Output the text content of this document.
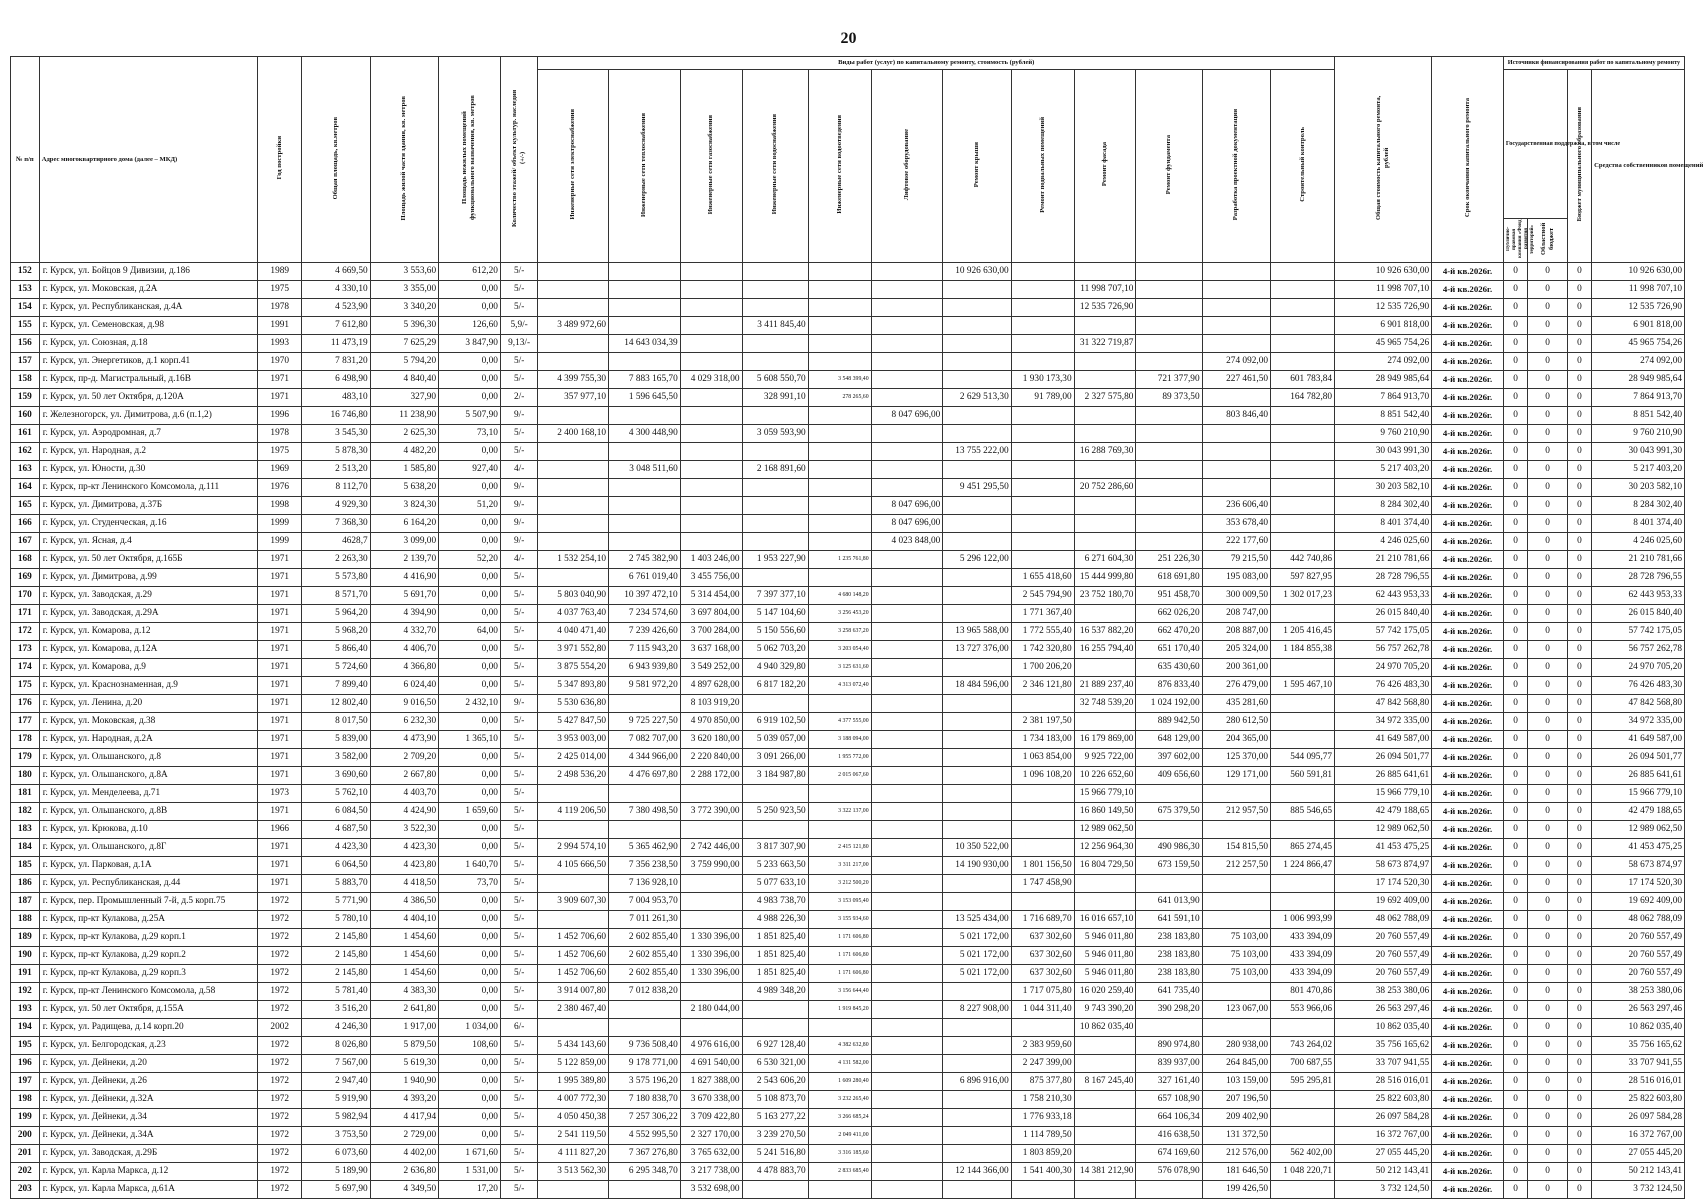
20
№ п/п	Адрес многоквартирного дома (далее – МКД)	Год постройки	Общая площадь, кв.метров	Площадь жилой части здания, кв. метров	Площадь нежилых помещений функционального назначения, кв. метров	Количество этажей/ объект культур. наследия (+/-)	Виды работ (услуг) по капитальному ремонту, стоимость (рублей)												Общая стоимость капитального ремонта, рублей	Срок окончания капитального ремонта	Источники финансирования работ по капитальному ремонту			
							Инженерные сети электроснабжения	Инженерные сети теплоснабжения	Инженерные сети газоснабжения	Инженерные сети водоснабжения	Инженерные сети водоотведения	Лифтовое оборудование	Ремонт крыши	Ремонт подвальных помещений	Ремонт фасада	Ремонт фундамента	Разработка проектной документации	Строительный контроль			Государственная поддержка, в том числе		Бюджет муниципального образования	Средства собственников помещений
																					Публично-правовая компания «Фонд развития территорий»	Областной бюджет		
152	г. Курск, ул. Бойцов 9 Дивизии, д.186	1989	4 669,50	3 553,60	612,20	5/-							10 926 630,00						10 926 630,00	4-й кв.2026г.	0	0	0	10 926 630,00
153	г. Курск, ул. Моковская, д.2А	1975	4 330,10	3 355,00	0,00	5/-									11 998 707,10				11 998 707,10	4-й кв.2026г.	0	0	0	11 998 707,10
154	г. Курск, ул. Республиканская, д.4А	1978	4 523,90	3 340,20	0,00	5/-									12 535 726,90				12 535 726,90	4-й кв.2026г.	0	0	0	12 535 726,90
155	г. Курск, ул. Семеновская, д.98	1991	7 612,80	5 396,30	126,60	5,9/-	3 489 972,60			3 411 845,40									6 901 818,00	4-й кв.2026г.	0	0	0	6 901 818,00
156	г. Курск, ул. Союзная, д.18	1993	11 473,19	7 625,29	3 847,90	9,13/-		14 643 034,39							31 322 719,87				45 965 754,26	4-й кв.2026г.	0	0	0	45 965 754,26
157	г. Курск, ул. Энергетиков, д.1 корп.41	1970	7 831,20	5 794,20	0,00	5/-											274 092,00		274 092,00	4-й кв.2026г.	0	0	0	274 092,00
158	г. Курск, пр-д. Магистральный, д.16В	1971	6 498,90	4 840,40	0,00	5/-	4 399 755,30	7 883 165,70	4 029 318,00	5 608 550,70	3 548 399,40			1 930 173,30		721 377,90	227 461,50	601 783,84	28 949 985,64	4-й кв.2026г.	0	0	0	28 949 985,64
159	г. Курск, ул. 50 лет Октября, д.120А	1971	483,10	327,90	0,00	2/-	357 977,10	1 596 645,50		328 991,10	278 265,60		2 629 513,30	91 789,00	2 327 575,80	89 373,50		164 782,80	7 864 913,70	4-й кв.2026г.	0	0	0	7 864 913,70
160	г. Железногорск, ул. Димитрова, д.6 (п.1,2)	1996	16 746,80	11 238,90	5 507,90	9/-						8 047 696,00					803 846,40		8 851 542,40	4-й кв.2026г.	0	0	0	8 851 542,40
161	г. Курск, ул. Аэродромная, д.7	1978	3 545,30	2 625,30	73,10	5/-	2 400 168,10	4 300 448,90		3 059 593,90									9 760 210,90	4-й кв.2026г.	0	0	0	9 760 210,90
162	г. Курск, ул. Народная, д.2	1975	5 878,30	4 482,20	0,00	5/-							13 755 222,00		16 288 769,30				30 043 991,30	4-й кв.2026г.	0	0	0	30 043 991,30
163	г. Курск, ул. Юности, д.30	1969	2 513,20	1 585,80	927,40	4/-		3 048 511,60		2 168 891,60									5 217 403,20	4-й кв.2026г.	0	0	0	5 217 403,20
164	г. Курск, пр-кт Ленинского Комсомола, д.111	1976	8 112,70	5 638,20	0,00	9/-							9 451 295,50		20 752 286,60				30 203 582,10	4-й кв.2026г.	0	0	0	30 203 582,10
165	г. Курск, ул. Димитрова, д.37Б	1998	4 929,30	3 824,30	51,20	9/-						8 047 696,00					236 606,40		8 284 302,40	4-й кв.2026г.	0	0	0	8 284 302,40
166	г. Курск, ул. Студенческая, д.16	1999	7 368,30	6 164,20	0,00	9/-						8 047 696,00					353 678,40		8 401 374,40	4-й кв.2026г.	0	0	0	8 401 374,40
167	г. Курск, ул. Ясная, д.4	1999	4628,7	3 099,00	0,00	9/-						4 023 848,00					222 177,60		4 246 025,60	4-й кв.2026г.	0	0	0	4 246 025,60
168	г. Курск, ул. 50 лет Октября, д.165Б	1971	2 263,30	2 139,70	52,20	4/-	1 532 254,10	2 745 382,90	1 403 246,00	1 953 227,90	1 235 761,80		5 296 122,00		6 271 604,30	251 226,30	79 215,50	442 740,86	21 210 781,66	4-й кв.2026г.	0	0	0	21 210 781,66
169	г. Курск, ул. Димитрова, д.99	1971	5 573,80	4 416,90	0,00	5/-		6 761 019,40	3 455 756,00					1 655 418,60	15 444 999,80	618 691,80	195 083,00	597 827,95	28 728 796,55	4-й кв.2026г.	0	0	0	28 728 796,55
170	г. Курск, ул. Заводская, д.29	1971	8 571,70	5 691,70	0,00	5/-	5 803 040,90	10 397 472,10	5 314 454,00	7 397 377,10	4 680 148,20			2 545 794,90	23 752 180,70	951 458,70	300 009,50	1 302 017,23	62 443 953,33	4-й кв.2026г.	0	0	0	62 443 953,33
171	г. Курск, ул. Заводская, д.29А	1971	5 964,20	4 394,90	0,00	5/-	4 037 763,40	7 234 574,60	3 697 804,00	5 147 104,60	3 256 453,20			1 771 367,40		662 026,20	208 747,00		26 015 840,40	4-й кв.2026г.	0	0	0	26 015 840,40
172	г. Курск, ул. Комарова, д.12	1971	5 968,20	4 332,70	64,00	5/-	4 040 471,40	7 239 426,60	3 700 284,00	5 150 556,60	3 258 637,20		13 965 588,00	1 772 555,40	16 537 882,20	662 470,20	208 887,00	1 205 416,45	57 742 175,05	4-й кв.2026г.	0	0	0	57 742 175,05
173	г. Курск, ул. Комарова, д.12А	1971	5 866,40	4 406,70	0,00	5/-	3 971 552,80	7 115 943,20	3 637 168,00	5 062 703,20	3 203 054,40		13 727 376,00	1 742 320,80	16 255 794,40	651 170,40	205 324,00	1 184 855,38	56 757 262,78	4-й кв.2026г.	0	0	0	56 757 262,78
174	г. Курск, ул. Комарова, д.9	1971	5 724,60	4 366,80	0,00	5/-	3 875 554,20	6 943 939,80	3 549 252,00	4 940 329,80	3 125 631,60			1 700 206,20		635 430,60	200 361,00		24 970 705,20	4-й кв.2026г.	0	0	0	24 970 705,20
175	г. Курск, ул. Краснознаменная, д.9	1971	7 899,40	6 024,40	0,00	5/-	5 347 893,80	9 581 972,20	4 897 628,00	6 817 182,20	4 313 072,40		18 484 596,00	2 346 121,80	21 889 237,40	876 833,40	276 479,00	1 595 467,10	76 426 483,30	4-й кв.2026г.	0	0	0	76 426 483,30
176	г. Курск, ул. Ленина, д.20	1971	12 802,40	9 016,50	2 432,10	9/-	5 530 636,80		8 103 919,20						32 748 539,20	1 024 192,00	435 281,60		47 842 568,80	4-й кв.2026г.	0	0	0	47 842 568,80
177	г. Курск, ул. Моковская, д.38	1971	8 017,50	6 232,30	0,00	5/-	5 427 847,50	9 725 227,50	4 970 850,00	6 919 102,50	4 377 555,00			2 381 197,50		889 942,50	280 612,50		34 972 335,00	4-й кв.2026г.	0	0	0	34 972 335,00
178	г. Курск, ул. Народная, д.2А	1971	5 839,00	4 473,90	1 365,10	5/-	3 953 003,00	7 082 707,00	3 620 180,00	5 039 057,00	3 188 094,00			1 734 183,00	16 179 869,00	648 129,00	204 365,00		41 649 587,00	4-й кв.2026г.	0	0	0	41 649 587,00
179	г. Курск, ул. Ольшанского, д.8	1971	3 582,00	2 709,20	0,00	5/-	2 425 014,00	4 344 966,00	2 220 840,00	3 091 266,00	1 955 772,00			1 063 854,00	9 925 722,00	397 602,00	125 370,00	544 095,77	26 094 501,77	4-й кв.2026г.	0	0	0	26 094 501,77
180	г. Курск, ул. Ольшанского, д.8А	1971	3 690,60	2 667,80	0,00	5/-	2 498 536,20	4 476 697,80	2 288 172,00	3 184 987,80	2 015 067,60			1 096 108,20	10 226 652,60	409 656,60	129 171,00	560 591,81	26 885 641,61	4-й кв.2026г.	0	0	0	26 885 641,61
181	г. Курск, ул. Менделеева, д.71	1973	5 762,10	4 403,70	0,00	5/-									15 966 779,10				15 966 779,10	4-й кв.2026г.	0	0	0	15 966 779,10
182	г. Курск, ул. Ольшанского, д.8В	1971	6 084,50	4 424,90	1 659,60	5/-	4 119 206,50	7 380 498,50	3 772 390,00	5 250 923,50	3 322 137,00				16 860 149,50	675 379,50	212 957,50	885 546,65	42 479 188,65	4-й кв.2026г.	0	0	0	42 479 188,65
183	г. Курск, ул. Крюкова, д.10	1966	4 687,50	3 522,30	0,00	5/-									12 989 062,50				12 989 062,50	4-й кв.2026г.	0	0	0	12 989 062,50
184	г. Курск, ул. Ольшанского, д.8Г	1971	4 423,30	4 423,30	0,00	5/-	2 994 574,10	5 365 462,90	2 742 446,00	3 817 307,90	2 415 121,80		10 350 522,00		12 256 964,30	490 986,30	154 815,50	865 274,45	41 453 475,25	4-й кв.2026г.	0	0	0	41 453 475,25
185	г. Курск, ул. Парковая, д.1А	1971	6 064,50	4 423,80	1 640,70	5/-	4 105 666,50	7 356 238,50	3 759 990,00	5 233 663,50	3 311 217,00		14 190 930,00	1 801 156,50	16 804 729,50	673 159,50	212 257,50	1 224 866,47	58 673 874,97	4-й кв.2026г.	0	0	0	58 673 874,97
186	г. Курск, ул. Республиканская, д.44	1971	5 883,70	4 418,50	73,70	5/-		7 136 928,10		5 077 633,10	3 212 500,20			1 747 458,90					17 174 520,30	4-й кв.2026г.	0	0	0	17 174 520,30
187	г. Курск, пер. Промышленный 7-й, д.5 корп.75	1972	5 771,90	4 386,50	0,00	5/-	3 909 607,30	7 004 953,70		4 983 738,70	3 153 095,40					641 013,90			19 692 409,00	4-й кв.2026г.	0	0	0	19 692 409,00
188	г. Курск, пр-кт Кулакова, д.25А	1972	5 780,10	4 404,10	0,00	5/-		7 011 261,30		4 988 226,30	3 155 934,60		13 525 434,00	1 716 689,70	16 016 657,10	641 591,10		1 006 993,99	48 062 788,09	4-й кв.2026г.	0	0	0	48 062 788,09
189	г. Курск, пр-кт Кулакова, д.29 корп.1	1972	2 145,80	1 454,60	0,00	5/-	1 452 706,60	2 602 855,40	1 330 396,00	1 851 825,40	1 171 606,80		5 021 172,00	637 302,60	5 946 011,80	238 183,80	75 103,00	433 394,09	20 760 557,49	4-й кв.2026г.	0	0	0	20 760 557,49
190	г. Курск, пр-кт Кулакова, д.29 корп.2	1972	2 145,80	1 454,60	0,00	5/-	1 452 706,60	2 602 855,40	1 330 396,00	1 851 825,40	1 171 606,80		5 021 172,00	637 302,60	5 946 011,80	238 183,80	75 103,00	433 394,09	20 760 557,49	4-й кв.2026г.	0	0	0	20 760 557,49
191	г. Курск, пр-кт Кулакова, д.29 корп.3	1972	2 145,80	1 454,60	0,00	5/-	1 452 706,60	2 602 855,40	1 330 396,00	1 851 825,40	1 171 606,80		5 021 172,00	637 302,60	5 946 011,80	238 183,80	75 103,00	433 394,09	20 760 557,49	4-й кв.2026г.	0	0	0	20 760 557,49
192	г. Курск, пр-кт Ленинского Комсомола, д.58	1972	5 781,40	4 383,30	0,00	5/-	3 914 007,80	7 012 838,20		4 989 348,20	3 156 644,40			1 717 075,80	16 020 259,40	641 735,40		801 470,86	38 253 380,06	4-й кв.2026г.	0	0	0	38 253 380,06
193	г. Курск, ул. 50 лет Октября, д.155А	1972	3 516,20	2 641,80	0,00	5/-	2 380 467,40		2 180 044,00		1 919 845,20		8 227 908,00	1 044 311,40	9 743 390,20	390 298,20	123 067,00	553 966,06	26 563 297,46	4-й кв.2026г.	0	0	0	26 563 297,46
194	г. Курск, ул. Радищева, д.14 корп.20	2002	4 246,30	1 917,00	1 034,00	6/-									10 862 035,40				10 862 035,40	4-й кв.2026г.	0	0	0	10 862 035,40
195	г. Курск, ул. Белгородская, д.23	1972	8 026,80	5 879,50	108,60	5/-	5 434 143,60	9 736 508,40	4 976 616,00	6 927 128,40	4 382 632,80			2 383 959,60		890 974,80	280 938,00	743 264,02	35 756 165,62	4-й кв.2026г.	0	0	0	35 756 165,62
196	г. Курск, ул. Дейнеки, д.20	1972	7 567,00	5 619,30	0,00	5/-	5 122 859,00	9 178 771,00	4 691 540,00	6 530 321,00	4 131 582,00			2 247 399,00		839 937,00	264 845,00	700 687,55	33 707 941,55	4-й кв.2026г.	0	0	0	33 707 941,55
197	г. Курск, ул. Дейнеки, д.26	1972	2 947,40	1 940,90	0,00	5/-	1 995 389,80	3 575 196,20	1 827 388,00	2 543 606,20	1 609 280,40		6 896 916,00	875 377,80	8 167 245,40	327 161,40	103 159,00	595 295,81	28 516 016,01	4-й кв.2026г.	0	0	0	28 516 016,01
198	г. Курск, ул. Дейнеки, д.32А	1972	5 919,90	4 393,20	0,00	5/-	4 007 772,30	7 180 838,70	3 670 338,00	5 108 873,70	3 232 265,40			1 758 210,30		657 108,90	207 196,50		25 822 603,80	4-й кв.2026г.	0	0	0	25 822 603,80
199	г. Курск, ул. Дейнеки, д.34	1972	5 982,94	4 417,94	0,00	5/-	4 050 450,38	7 257 306,22	3 709 422,80	5 163 277,22	3 266 685,24			1 776 933,18		664 106,34	209 402,90		26 097 584,28	4-й кв.2026г.	0	0	0	26 097 584,28
200	г. Курск, ул. Дейнеки, д.34А	1972	3 753,50	2 729,00	0,00	5/-	2 541 119,50	4 552 995,50	2 327 170,00	3 239 270,50	2 049 411,00			1 114 789,50		416 638,50	131 372,50		16 372 767,00	4-й кв.2026г.	0	0	0	16 372 767,00
201	г. Курск, ул. Заводская, д.29Б	1972	6 073,60	4 402,00	1 671,60	5/-	4 111 827,20	7 367 276,80	3 765 632,00	5 241 516,80	3 316 185,60			1 803 859,20		674 169,60	212 576,00	562 402,00	27 055 445,20	4-й кв.2026г.	0	0	0	27 055 445,20
202	г. Курск, ул. Карла Маркса, д.12	1972	5 189,90	2 636,80	1 531,00	5/-	3 513 562,30	6 295 348,70	3 217 738,00	4 478 883,70	2 833 685,40		12 144 366,00	1 541 400,30	14 381 212,90	576 078,90	181 646,50	1 048 220,71	50 212 143,41	4-й кв.2026г.	0	0	0	50 212 143,41
203	г. Курск, ул. Карла Маркса, д.61А	1972	5 697,90	4 349,50	17,20	5/-			3 532 698,00								199 426,50		3 732 124,50	4-й кв.2026г.	0	0	0	3 732 124,50
